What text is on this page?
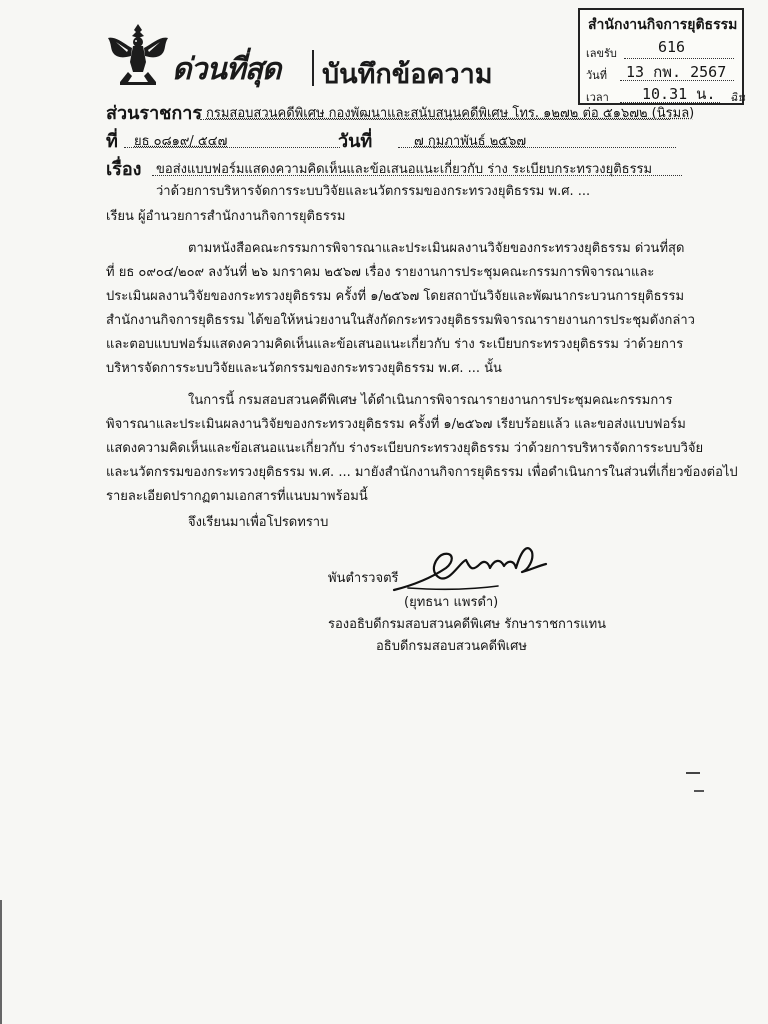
ด่วนที่สุด บันทึกข้อความ
สำนักงานกิจการยุติธรรม
เลขรับ	616
วันที่ 13 กพ. 2567
เวลา 10.31 น. ฉิน
ส่วนราชการ กรมสอบสวนคดีพิเศษ กองพัฒนาและสนับสนุนคดีพิเศษ โทร. ๑๒๗๒ ต่อ ๕๑๖๗๒ (นิรมล)
ที่ ยธ ๐๘๑๙/ ๕๔๗	วันที่	๗ กุมภาพันธ์ ๒๕๖๗
เรื่อง ขอส่งแบบฟอร์มแสดงความคิดเห็นและข้อเสนอแนะเกี่ยวกับ ร่าง ระเบียบกระทรวงยุติธรรม
ว่าด้วยการบริหารจัดการระบบวิจัยและนวัตกรรมของกระทรวงยุติธรรม พ.ศ. ...
เรียน ผู้อำนวยการสำนักงานกิจการยุติธรรม
ตามหนังสือคณะกรรมการพิจารณาและประเมินผลงานวิจัยของกระทรวงยุติธรรม ด่วนที่สุด
ที่ ยธ ๐๙๐๔/๒๐๙ ลงวันที่ ๒๖ มกราคม ๒๕๖๗ เรื่อง รายงานการประชุมคณะกรรมการพิจารณาและ
ประเมินผลงานวิจัยของกระทรวงยุติธรรม ครั้งที่ ๑/๒๕๖๗ โดยสถาบันวิจัยและพัฒนากระบวนการยุติธรรม
สำนักงานกิจการยุติธรรม ได้ขอให้หน่วยงานในสังกัดกระทรวงยุติธรรมพิจารณารายงานการประชุมดังกล่าว
และตอบแบบฟอร์มแสดงความคิดเห็นและข้อเสนอแนะเกี่ยวกับ ร่าง ระเบียบกระทรวงยุติธรรม ว่าด้วยการ
บริหารจัดการระบบวิจัยและนวัตกรรมของกระทรวงยุติธรรม พ.ศ. ... นั้น
ในการนี้ กรมสอบสวนคดีพิเศษ ได้ดำเนินการพิจารณารายงานการประชุมคณะกรรมการ
พิจารณาและประเมินผลงานวิจัยของกระทรวงยุติธรรม ครั้งที่ ๑/๒๕๖๗ เรียบร้อยแล้ว และขอส่งแบบฟอร์ม
แสดงความคิดเห็นและข้อเสนอแนะเกี่ยวกับ ร่างระเบียบกระทรวงยุติธรรม ว่าด้วยการบริหารจัดการระบบวิจัย
และนวัตกรรมของกระทรวงยุติธรรม พ.ศ. ... มายังสำนักงานกิจการยุติธรรม เพื่อดำเนินการในส่วนที่เกี่ยวข้องต่อไป
รายละเอียดปรากฏตามเอกสารที่แนบมาพร้อมนี้
จึงเรียนมาเพื่อโปรดทราบ
พันตำรวจตรี
(ยุทธนา แพรดำ)
รองอธิบดีกรมสอบสวนคดีพิเศษ รักษาราชการแทน
อธิบดีกรมสอบสวนคดีพิเศษ
